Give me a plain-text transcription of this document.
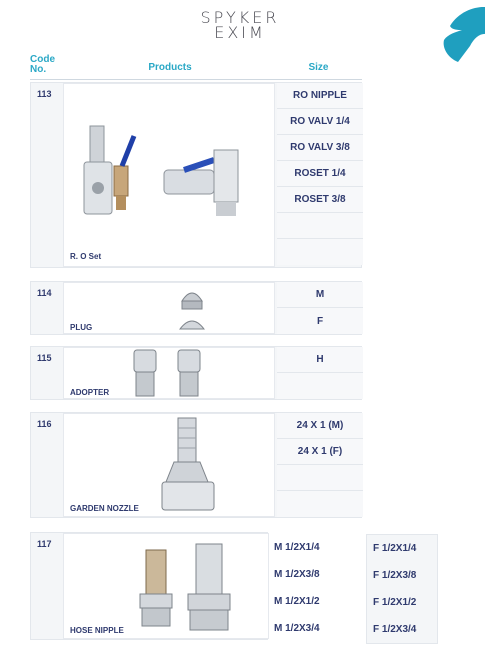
SPYKER
EXIM
Code No.	Products	Size
113
R. O Set
RO NIPPLE
RO VALV 1/4
RO VALV 3/8
ROSET 1/4
ROSET 3/8
114
PLUG
M
F
115
ADOPTER
H
116
GARDEN NOZZLE
24 X 1 (M)
24 X 1 (F)
117
HOSE NIPPLE
M 1/2X1/4
M 1/2X3/8
M 1/2X1/2
M 1/2X3/4
F 1/2X1/4
F 1/2X3/8
F 1/2X1/2
F 1/2X3/4
